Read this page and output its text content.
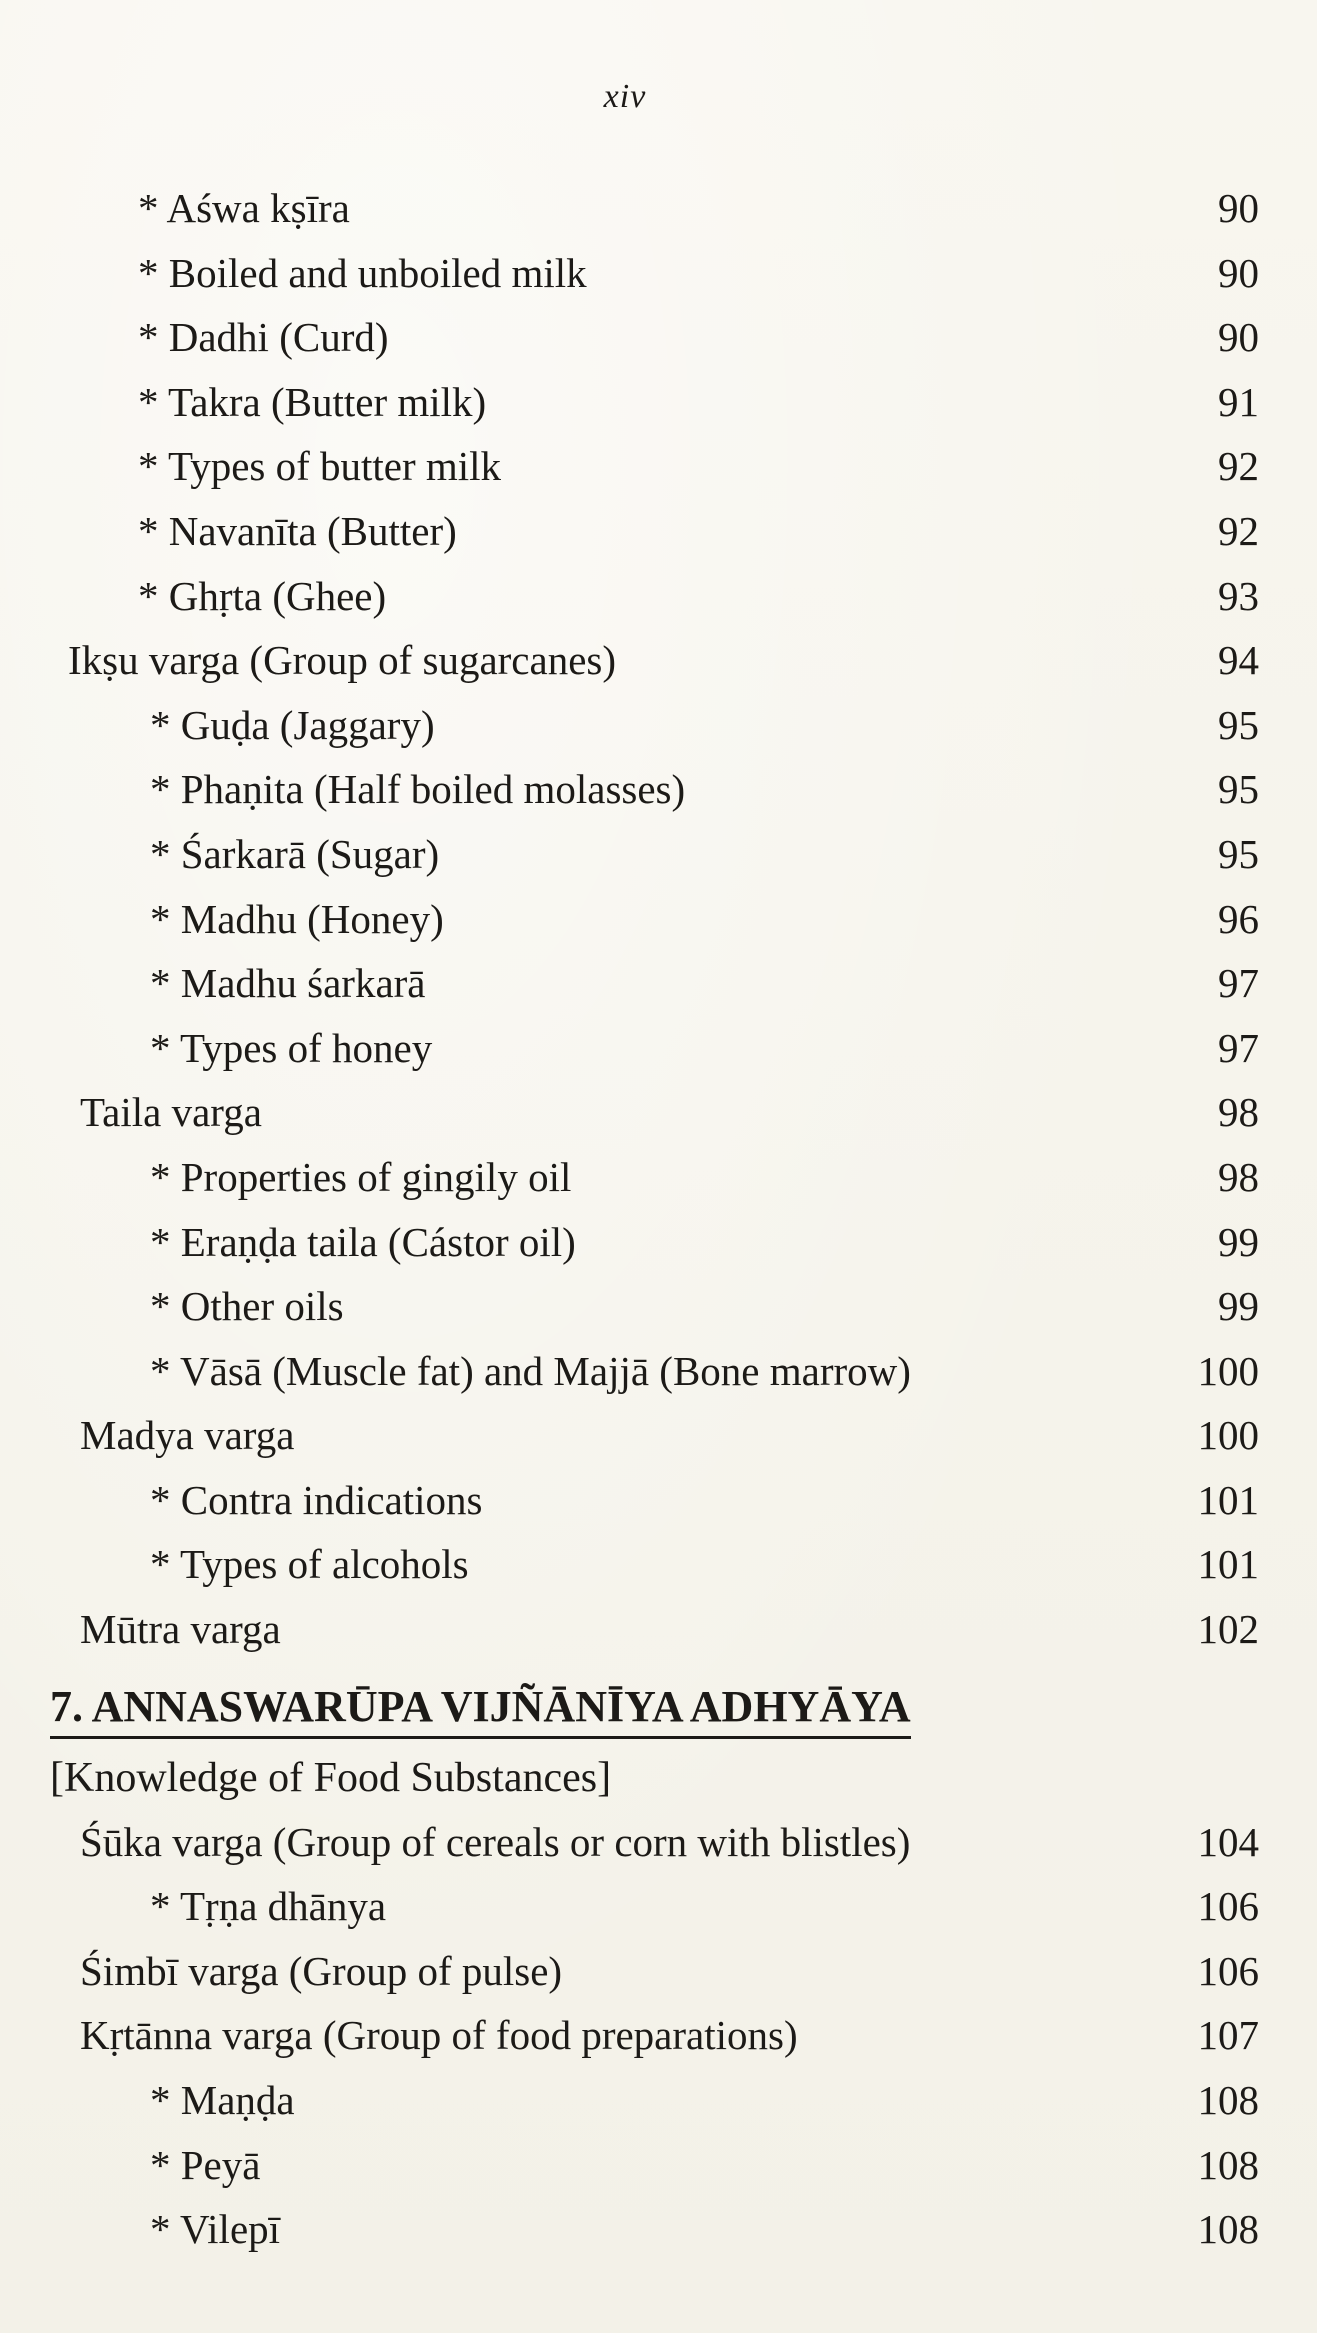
xiv
* Aśwa kṣīra	90
* Boiled and unboiled milk	90
* Dadhi (Curd)	90
* Takra (Butter milk)	91
* Types of butter milk	92
* Navanīta (Butter)	92
* Ghṛta (Ghee)	93
Ikṣu varga (Group of sugarcanes)	94
* Guḍa (Jaggary)	95
* Phaṇita (Half boiled molasses)	95
* Śarkarā (Sugar)	95
* Madhu (Honey)	96
* Madhu śarkarā	97
* Types of honey	97
Taila varga	98
* Properties of gingily oil	98
* Eraṇḍa taila (Cástor oil)	99
* Other oils	99
* Vāsā (Muscle fat) and Majjā (Bone marrow)	100
Madya varga	100
* Contra indications	101
* Types of alcohols	101
Mūtra varga	102
7. ANNASWARŪPA VIJÑĀNĪYA ADHYĀYA
[Knowledge of Food Substances]
Śūka varga (Group of cereals or corn with blistles)	104
* Tṛṇa dhānya	106
Śimbī varga (Group of pulse)	106
Kṛtānna varga (Group of food preparations)	107
* Maṇḍa	108
* Peyā	108
* Vilepī	108
